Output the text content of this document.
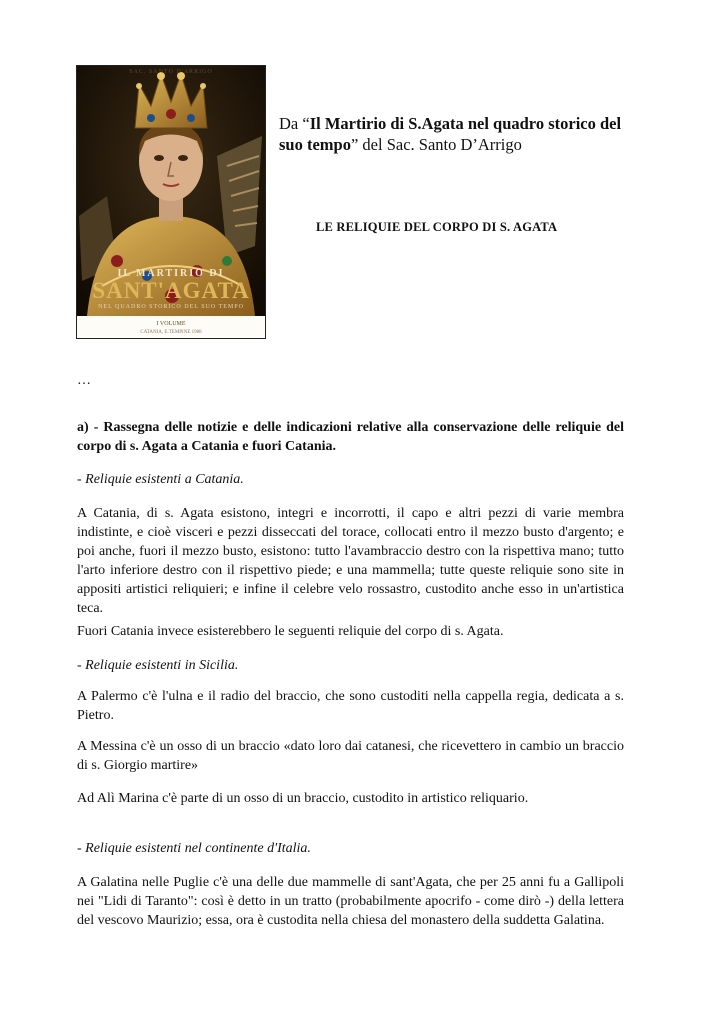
SAC. SANTO D'ARRIGO
IL MARTIRIO DI
SANT'AGATA
NEL QUADRO STORICO DEL SUO TEMPO
I VOLUME
CATANIA, E.TEMPINE 1988
Da “Il Martirio di S.Agata nel quadro storico del suo tempo” del Sac. Santo D’Arrigo
LE RELIQUIE DEL CORPO DI S. AGATA

…

a) - Rassegna delle notizie e delle indicazioni relative alla conservazione delle reliquie del corpo di s. Agata a Catania e fuori Catania.

- Reliquie esistenti a Catania.

A Catania, di s. Agata esistono, integri e incorrotti, il capo e altri pezzi di varie membra indistinte, e cioè visceri e pezzi disseccati del torace, collocati entro il mezzo busto d'argento; e poi anche, fuori il mezzo busto, esistono: tutto l'avambraccio destro con la rispettiva mano; tutto l'arto inferiore destro con il rispettivo piede; e una mammella; tutte queste reliquie sono site in appositi artistici reliquieri; e infine il celebre velo rossastro, custodito anche esso in un'artistica teca.

Fuori Catania invece esisterebbero le seguenti reliquie del corpo di s. Agata.

- Reliquie esistenti in Sicilia.

A Palermo c'è l'ulna e il radio del braccio, che sono custoditi nella cappella regia, dedicata a s. Pietro.

A Messina c'è un osso di un braccio «dato loro dai catanesi, che ricevettero in cambio un braccio di s. Giorgio martire»

Ad Alì Marina c'è parte di un osso di un braccio, custodito in artistico reliquario.

- Reliquie esistenti nel continente d'Italia.

A Galatina nelle Puglie c'è una delle due mammelle di sant'Agata, che per 25 anni fu a Gallipoli nei "Lidi di Taranto": così è detto in un tratto (probabilmente apocrifo - come dirò -) della lettera del vescovo Maurizio; essa, ora è custodita nella chiesa del monastero della suddetta Galatina.
